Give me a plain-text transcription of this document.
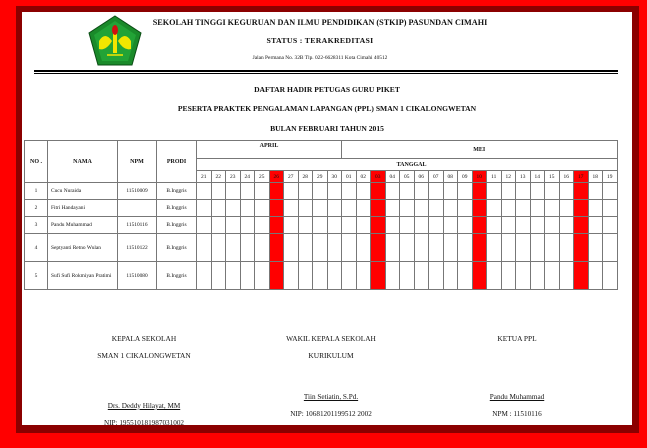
SEKOLAH TINGGI KEGURUAN DAN ILMU PENDIDIKAN (STKIP) PASUNDAN CIMAHI
STATUS : TERAKREDITASI
Jalan Permana No. 32B Tlp. 022-6628311 Kota Cimahi 40512
DAFTAR HADIR PETUGAS GURU PIKET
PESERTA PRAKTEK PENGALAMAN LAPANGAN (PPL) SMAN 1 CIKALONGWETAN
BULAN FEBRUARI TAHUN 2015
NO .	NAMA	NPM	PRODI	APRIL										MEI																		
				TANGGAL																												
				21	22	23	24	25	26	27	28	29	30	01	02	03	04	05	06	07	08	09	10	11	12	13	14	15	16	17	18	19
1	Cucu Nuraida	11510009	B.Inggris																													
2	Fitri Handayani		B.Inggris																													
3	Pandu Muhammad	11510116	B.Inggris																													
4	Septyanti Retno Wulan	11510122	B.Inggris																													
5	Sufi Sufi Rokmiyan Pratimi	11510080	B.Inggris																													
KEPALA SEKOLAH
SMAN 1 CIKALONGWETAN
WAKIL KEPALA SEKOLAH
KURIKULUM
KETUA PPL
Drs. Deddy Hilayat, MM
Tiin Setiatin, S.Pd.	Pandu Muhammad
NIP: 195510181987031002
NIP: 10681201199512 2002	NPM : 11510116
